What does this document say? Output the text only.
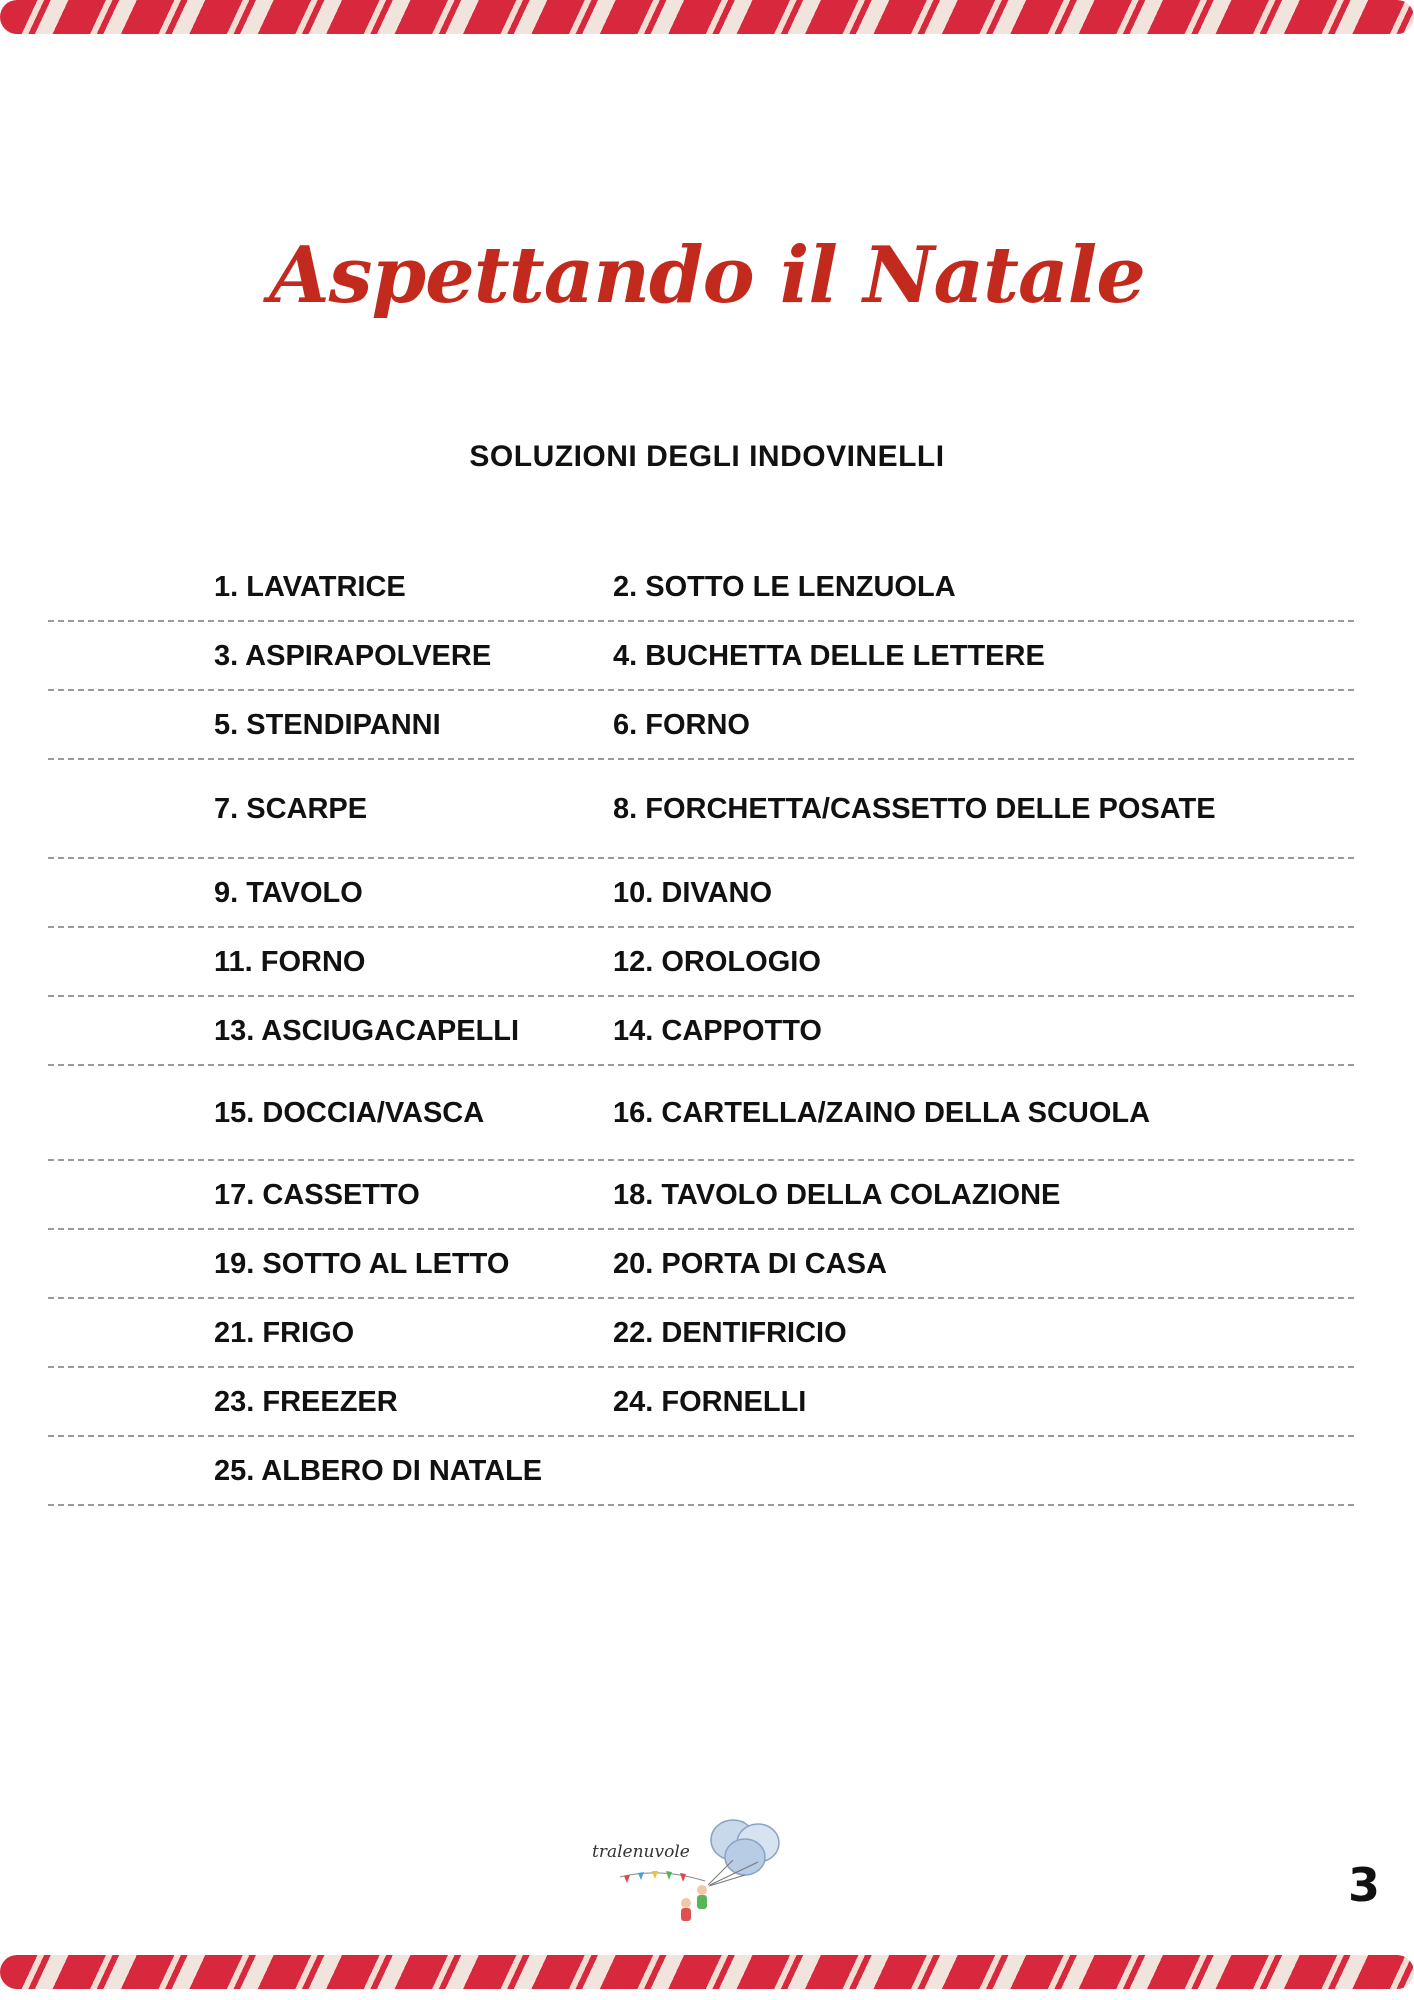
Aspettando il Natale
SOLUZIONI DEGLI INDOVINELLI
1. LAVATRICE	2. SOTTO LE LENZUOLA
3. ASPIRAPOLVERE	4. BUCHETTA DELLE LETTERE
5. STENDIPANNI	6. FORNO
7. SCARPE	8. FORCHETTA/CASSETTO DELLE POSATE
9. TAVOLO	10. DIVANO
11. FORNO	12. OROLOGIO
13. ASCIUGACAPELLI	14. CAPPOTTO
15. DOCCIA/VASCA	16. CARTELLA/ZAINO DELLA SCUOLA
17. CASSETTO	18. TAVOLO DELLA COLAZIONE
19. SOTTO AL LETTO	20. PORTA DI CASA
21. FRIGO	22. DENTIFRICIO
23. FREEZER	24. FORNELLI
25. ALBERO DI NATALE
tralenuvole
3
